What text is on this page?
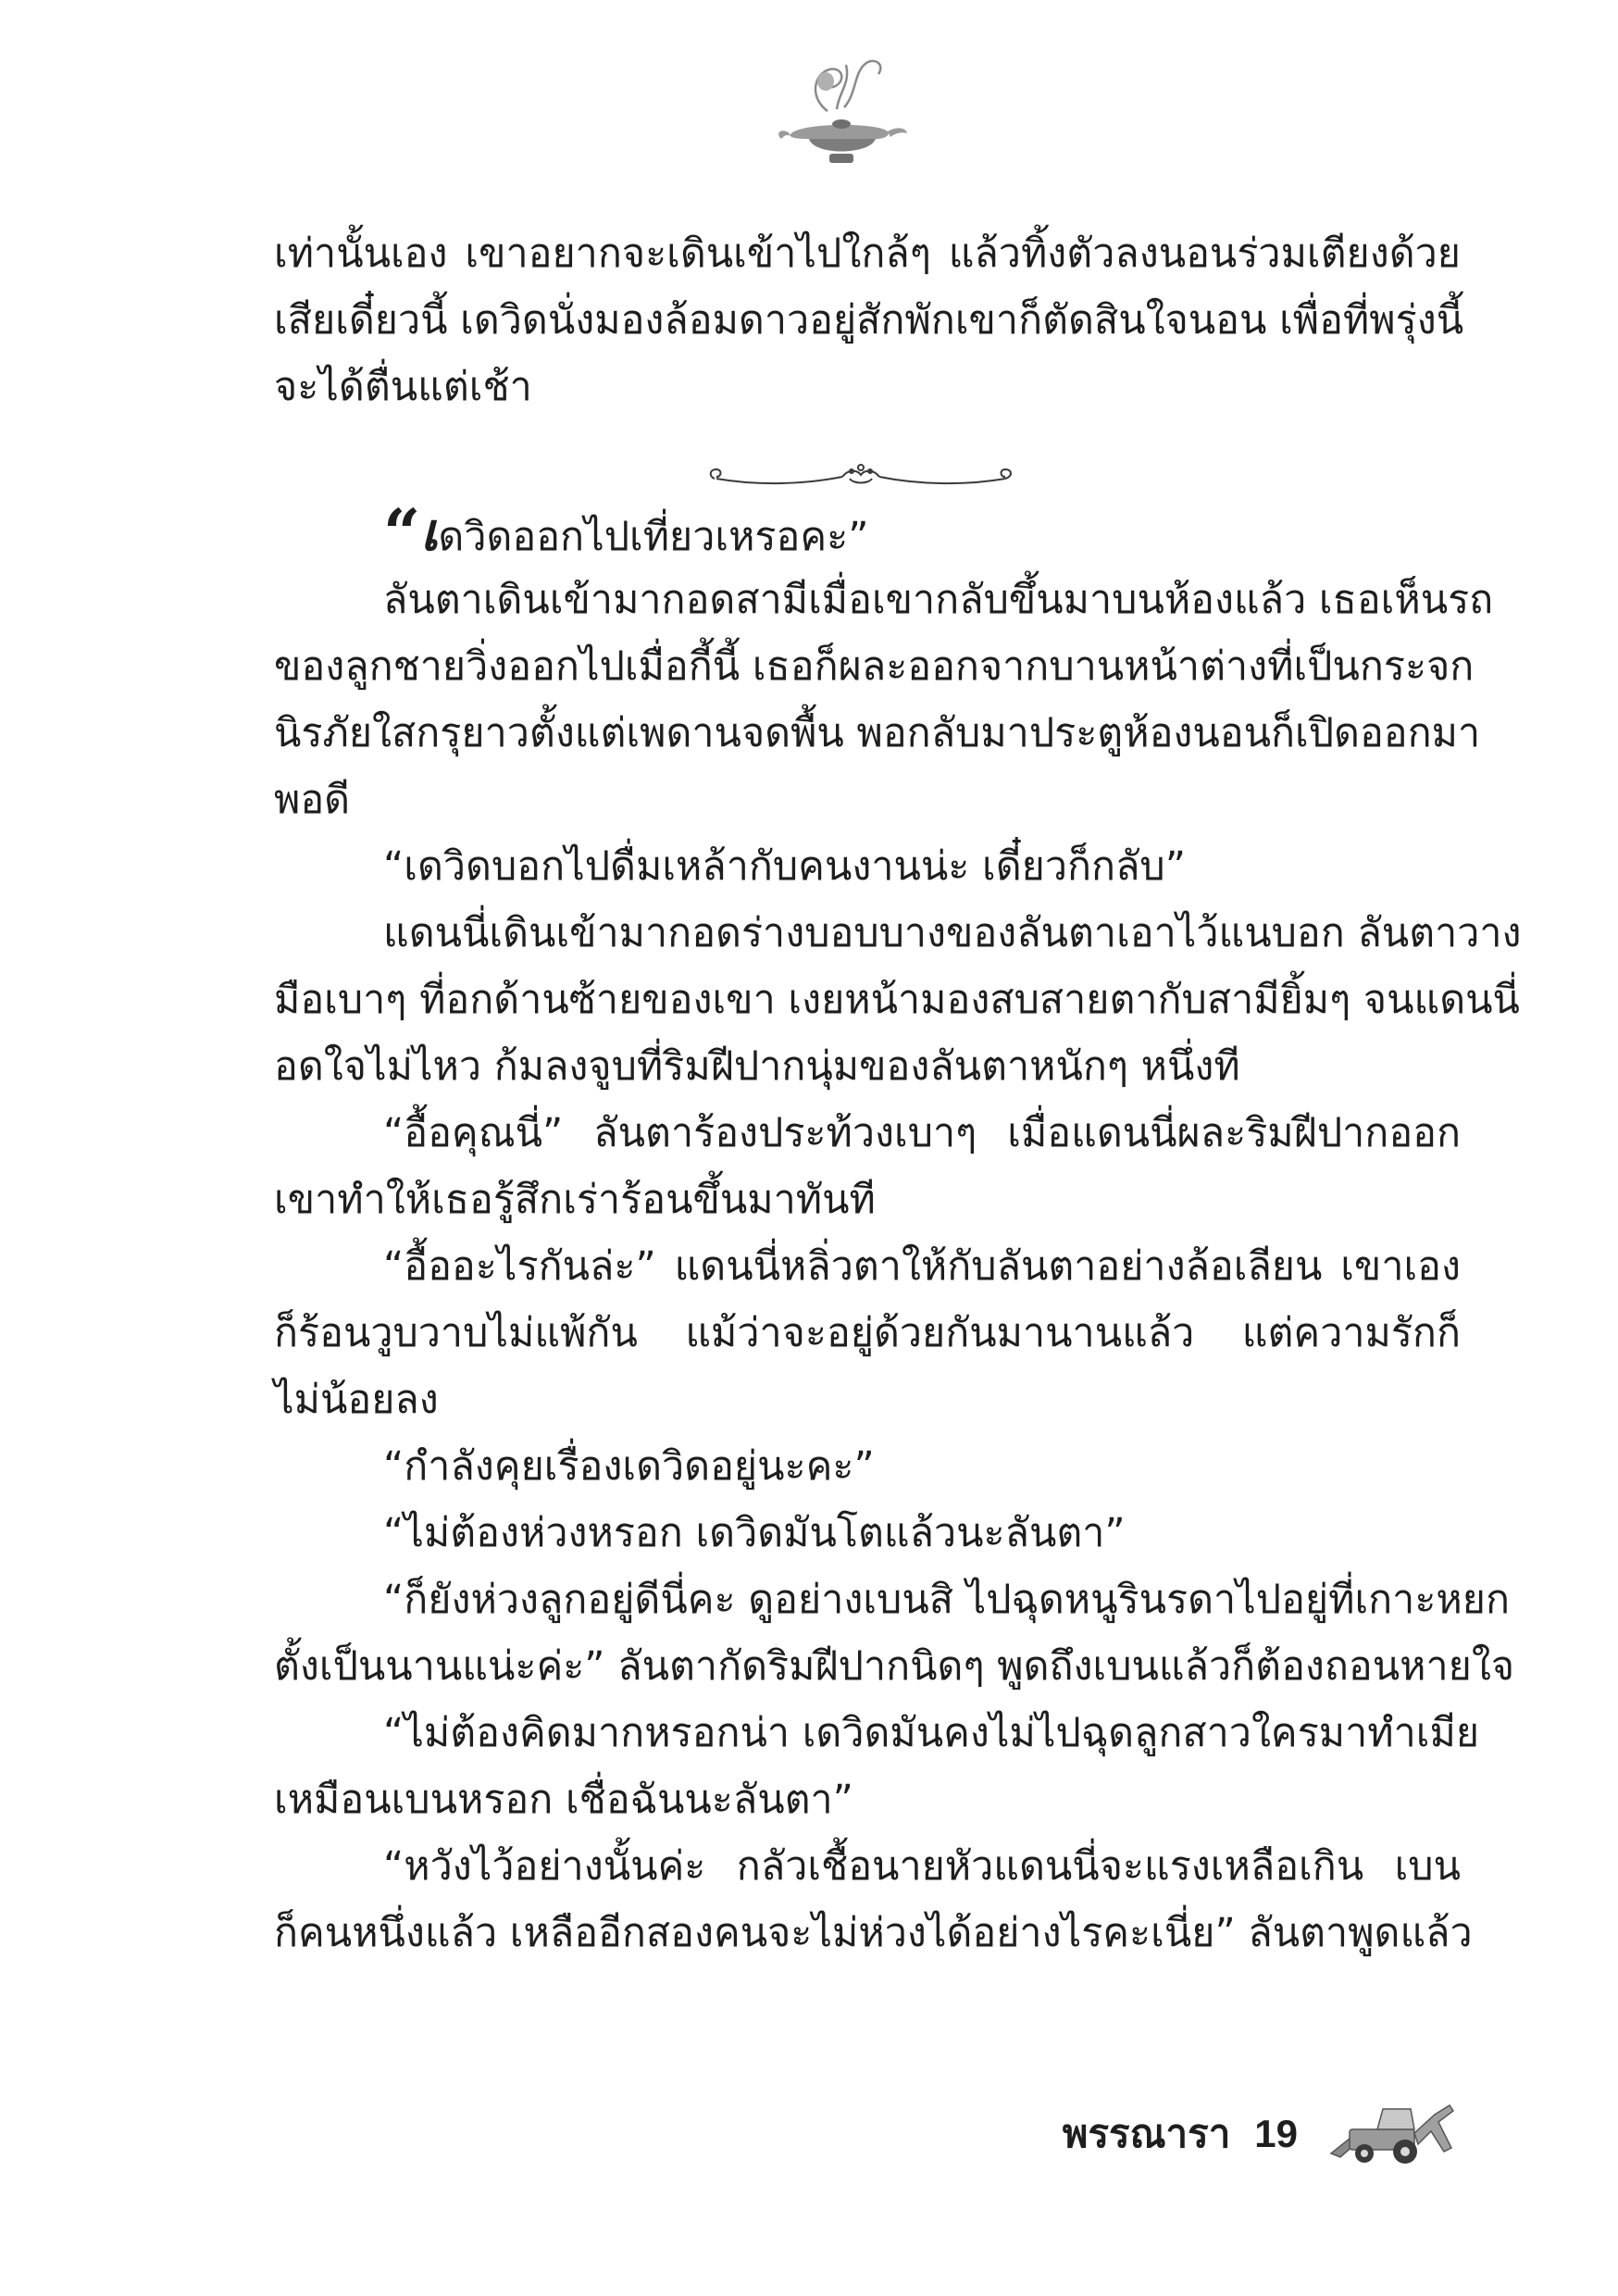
เท่านั้นเอง เขาอยากจะเดินเข้าไปใกล้ๆ แล้วทิ้งตัวลงนอนร่วมเตียงด้วย
เสียเดี๋ยวนี้ เดวิดนั่งมองล้อมดาวอยู่สักพักเขาก็ตัดสินใจนอน เพื่อที่พรุ่งนี้
จะได้ตื่นแต่เช้า
“เดวิดออกไปเที่ยวเหรอคะ”
ลันตาเดินเข้ามากอดสามีเมื่อเขากลับขึ้นมาบนห้องแล้ว เธอเห็นรถ
ของลูกชายวิ่งออกไปเมื่อกี้นี้ เธอก็ผละออกจากบานหน้าต่างที่เป็นกระจก
นิรภัยใสกรุยาวตั้งแต่เพดานจดพื้น พอกลับมาประตูห้องนอนก็เปิดออกมา
พอดี
“เดวิดบอกไปดื่มเหล้ากับคนงานน่ะ เดี๋ยวก็กลับ”
แดนนี่เดินเข้ามากอดร่างบอบบางของลันตาเอาไว้แนบอก ลันตาวาง
มือเบาๆ ที่อกด้านซ้ายของเขา เงยหน้ามองสบสายตากับสามียิ้มๆ จนแดนนี่
อดใจไม่ไหว ก้มลงจูบที่ริมฝีปากนุ่มของลันตาหนักๆ หนึ่งที
“อื้อคุณนี่” ลันตาร้องประท้วงเบาๆ เมื่อแดนนี่ผละริมฝีปากออก
เขาทำให้เธอรู้สึกเร่าร้อนขึ้นมาทันที
“อื้ออะไรกันล่ะ” แดนนี่หลิ่วตาให้กับลันตาอย่างล้อเลียน เขาเอง
ก็ร้อนวูบวาบไม่แพ้กัน แม้ว่าจะอยู่ด้วยกันมานานแล้ว แต่ความรักก็
ไม่น้อยลง
“กำลังคุยเรื่องเดวิดอยู่นะคะ”
“ไม่ต้องห่วงหรอก เดวิดมันโตแล้วนะลันตา”
“ก็ยังห่วงลูกอยู่ดีนี่คะ ดูอย่างเบนสิ ไปฉุดหนูรินรดาไปอยู่ที่เกาะหยก
ตั้งเป็นนานแน่ะค่ะ” ลันตากัดริมฝีปากนิดๆ พูดถึงเบนแล้วก็ต้องถอนหายใจ
“ไม่ต้องคิดมากหรอกน่า เดวิดมันคงไม่ไปฉุดลูกสาวใครมาทำเมีย
เหมือนเบนหรอก เชื่อฉันนะลันตา”
“หวังไว้อย่างนั้นค่ะ กลัวเชื้อนายหัวแดนนี่จะแรงเหลือเกิน เบน
ก็คนหนึ่งแล้ว เหลืออีกสองคนจะไม่ห่วงได้อย่างไรคะเนี่ย” ลันตาพูดแล้ว
พรรณารา 19
